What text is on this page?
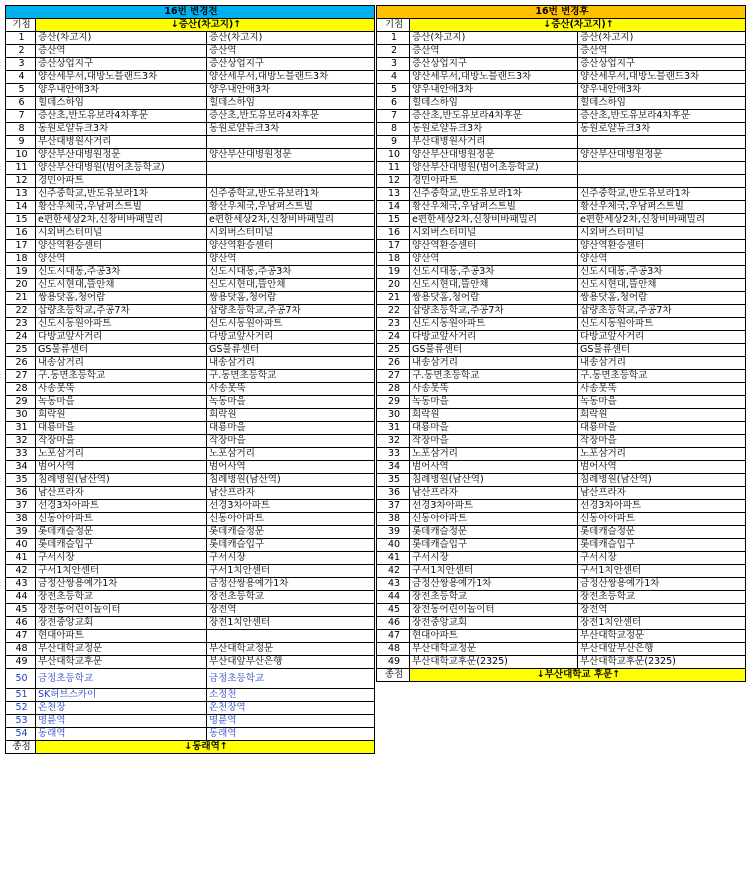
16번 변경전		
기점	↓증산(차고지)↑	
1	증산(차고지)	증산(차고지)
2	증산역	증산역
3	증산상업지구	증산상업지구
4	양산세무서,대방노블랜드3차	양산세무서,대방노블랜드3차
5	양우내안애3차	양우내안애3차
6	힐데스하임	힐데스하임
7	증산초,반도유보라4차후문	증산초,반도유보라4차후문
8	동원로얄듀크3차	동원로얄듀크3차
9	부산대병원사거리	
10	양산부산대병원정문	양산부산대병원정문
11	양산부산대병원(범어초등학교)	
12	경민아파트	
13	신주중학교,반도유보라1차	신주중학교,반도유보라1차
14	황산우체국,우남퍼스트빌	황산우체국,우남퍼스트빌
15	e편한세상2차,신창비바패밀리	e편한세상2차,신창비바패밀리
16	시외버스터미널	시외버스터미널
17	양산역환승센터	양산역환승센터
18	양산역	양산역
19	신도시대동,주공3차	신도시대동,주공3차
20	신도시현대,뜰안채	신도시현대,뜰안채
21	쌍용닷홈,청어람	쌍용닷홈,청어람
22	삽량초등학교,주공7차	삽량초등학교,주공7차
23	신도시동원아파트	신도시동원아파트
24	다방교앞사거리	다방교앞사거리
25	GS물류센터	GS물류센터
26	내송삼거리	내송삼거리
27	구.동면초등학교	구.동면초등학교
28	사송못뚝	사송못뚝
29	녹동마을	녹동마을
30	희락원	희락원
31	대룡마을	대룡마을
32	작장마을	작장마을
33	노포삼거리	노포삼거리
34	범어사역	범어사역
35	침례병원(남산역)	침례병원(남산역)
36	남산프라자	남산프라자
37	선경3차아파트	선경3차아파트
38	신동아아파트	신동아아파트
39	롯데캐슬정문	롯데캐슬정문
40	롯데캐슬입구	롯데캐슬입구
41	구서시장	구서시장
42	구서1치안센터	구서1치안센터
43	금정산쌍용예가1차	금정산쌍용예가1차
44	장전초등학교	장전초등학교
45	장전동어린이놀이터	장전역
46	장전중앙교회	장전1치안센터
47	현대아파트	
48	부산대학교정문	부산대학교정문
49	부산대학교후문	부산대앞부산은행
50	금정초등학교	금정초등학교
51	SK허브스카이	소정천
52	온천장	온천장역
53	명륜역	명륜역
54	동래역	동래역
종점	↓동래역↑	
16번 변경후		
기점	↓증산(차고지)↑	
1	증산(차고지)	증산(차고지)
2	증산역	증산역
3	증산상업지구	증산상업지구
4	양산세무서,대방노블랜드3차	양산세무서,대방노블랜드3차
5	양우내안애3차	양우내안애3차
6	힐데스하임	힐데스하임
7	증산초,반도유보라4차후문	증산초,반도유보라4차후문
8	동원로얄듀크3차	동원로얄듀크3차
9	부산대병원사거리	
10	양산부산대병원정문	양산부산대병원정문
11	양산부산대병원(범어초등학교)	
12	경민아파트	
13	신주중학교,반도유보라1차	신주중학교,반도유보라1차
14	황산우체국,우남퍼스트빌	황산우체국,우남퍼스트빌
15	e편한세상2차,신창비바패밀리	e편한세상2차,신창비바패밀리
16	시외버스터미널	시외버스터미널
17	양산역환승센터	양산역환승센터
18	양산역	양산역
19	신도시대동,주공3차	신도시대동,주공3차
20	신도시현대,뜰안채	신도시현대,뜰안채
21	쌍용닷홈,청어람	쌍용닷홈,청어람
22	삽량초등학교,주공7차	삽량초등학교,주공7차
23	신도시동원아파트	신도시동원아파트
24	다방교앞사거리	다방교앞사거리
25	GS물류센터	GS물류센터
26	내송삼거리	내송삼거리
27	구.동면초등학교	구.동면초등학교
28	사송못뚝	사송못뚝
29	녹동마을	녹동마을
30	희락원	희락원
31	대룡마을	대룡마을
32	작장마을	작장마을
33	노포삼거리	노포삼거리
34	범어사역	범어사역
35	침례병원(남산역)	침례병원(남산역)
36	남산프라자	남산프라자
37	선경3차아파트	선경3차아파트
38	신동아아파트	신동아아파트
39	롯데캐슬정문	롯데캐슬정문
40	롯데캐슬입구	롯데캐슬입구
41	구서시장	구서시장
42	구서1치안센터	구서1치안센터
43	금정산쌍용예가1차	금정산쌍용예가1차
44	장전초등학교	장전초등학교
45	장전동어린이놀이터	장전역
46	장전중앙교회	장전1치안센터
47	현대아파트	부산대학교정문
48	부산대학교정문	부산대앞부산은행
49	부산대학교후문(2325)	부산대학교후문(2325)
종점	↓부산대학교 후문↑	
